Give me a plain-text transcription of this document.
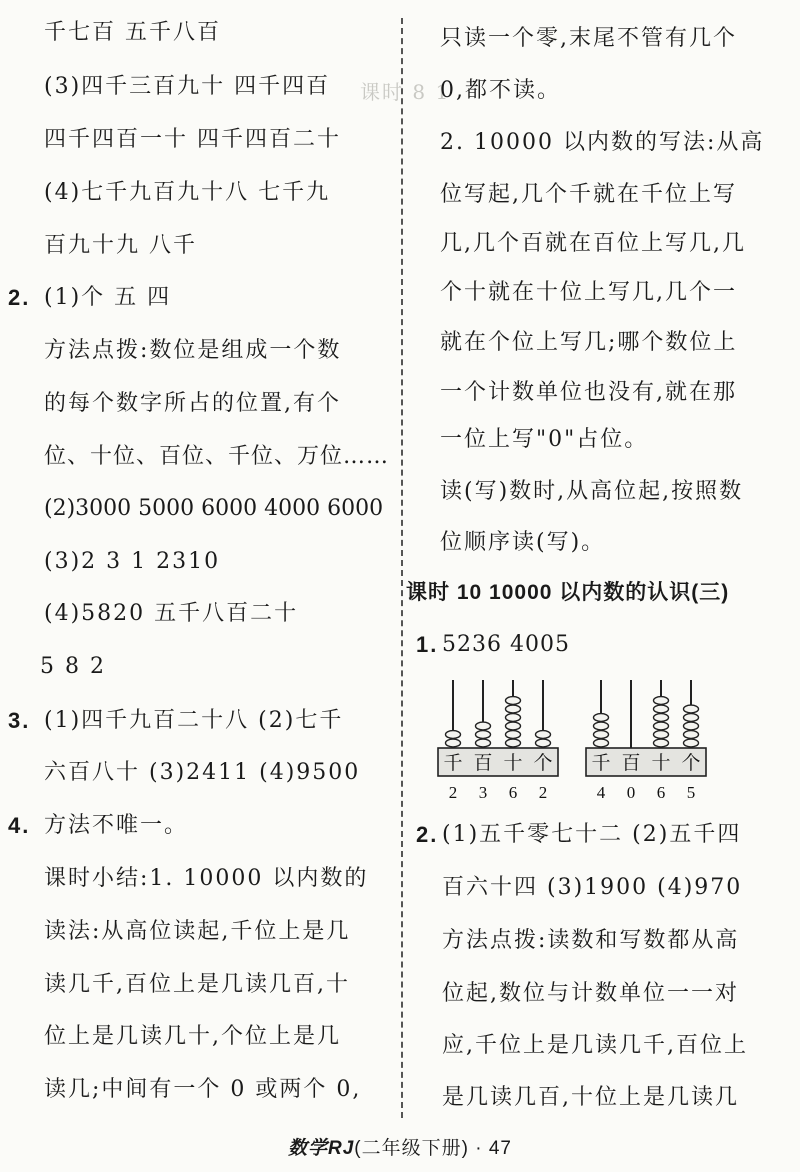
课时 8 1
千七百 五千八百
(3)四千三百九十 四千四百
四千四百一十 四千四百二十
(4)七千九百九十八 七千九
百九十九 八千
2. (1)个 五 四
方法点拨:数位是组成一个数
的每个数字所占的位置,有个
位、十位、百位、千位、万位……
(2)3000 5000 6000 4000 6000
(3)2 3 1 2310
(4)5820 五千八百二十
5 8 2
3. (1)四千九百二十八 (2)七千
六百八十 (3)2411 (4)9500
4. 方法不唯一。
课时小结:1. 10000 以内数的
读法:从高位读起,千位上是几
读几千,百位上是几读几百,十
位上是几读几十,个位上是几
读几;中间有一个 0 或两个 0,
只读一个零,末尾不管有几个
0,都不读。
2. 10000 以内数的写法:从高
位写起,几个千就在千位上写
几,几个百就在百位上写几,几
个十就在十位上写几,几个一
就在个位上写几;哪个数位上
一个计数单位也没有,就在那
一位上写"0"占位。
读(写)数时,从高位起,按照数
位顺序读(写)。
课时 10 10000 以内数的认识(三)
1. 5236 4005
千 百 十 个
2 3 6 2
千 百 十 个
4 0 6 5
2. (1)五千零七十二 (2)五千四
百六十四 (3)1900 (4)970
方法点拨:读数和写数都从高
位起,数位与计数单位一一对
应,千位上是几读几千,百位上
是几读几百,十位上是几读几
数学RJ(二年级下册) · 47
